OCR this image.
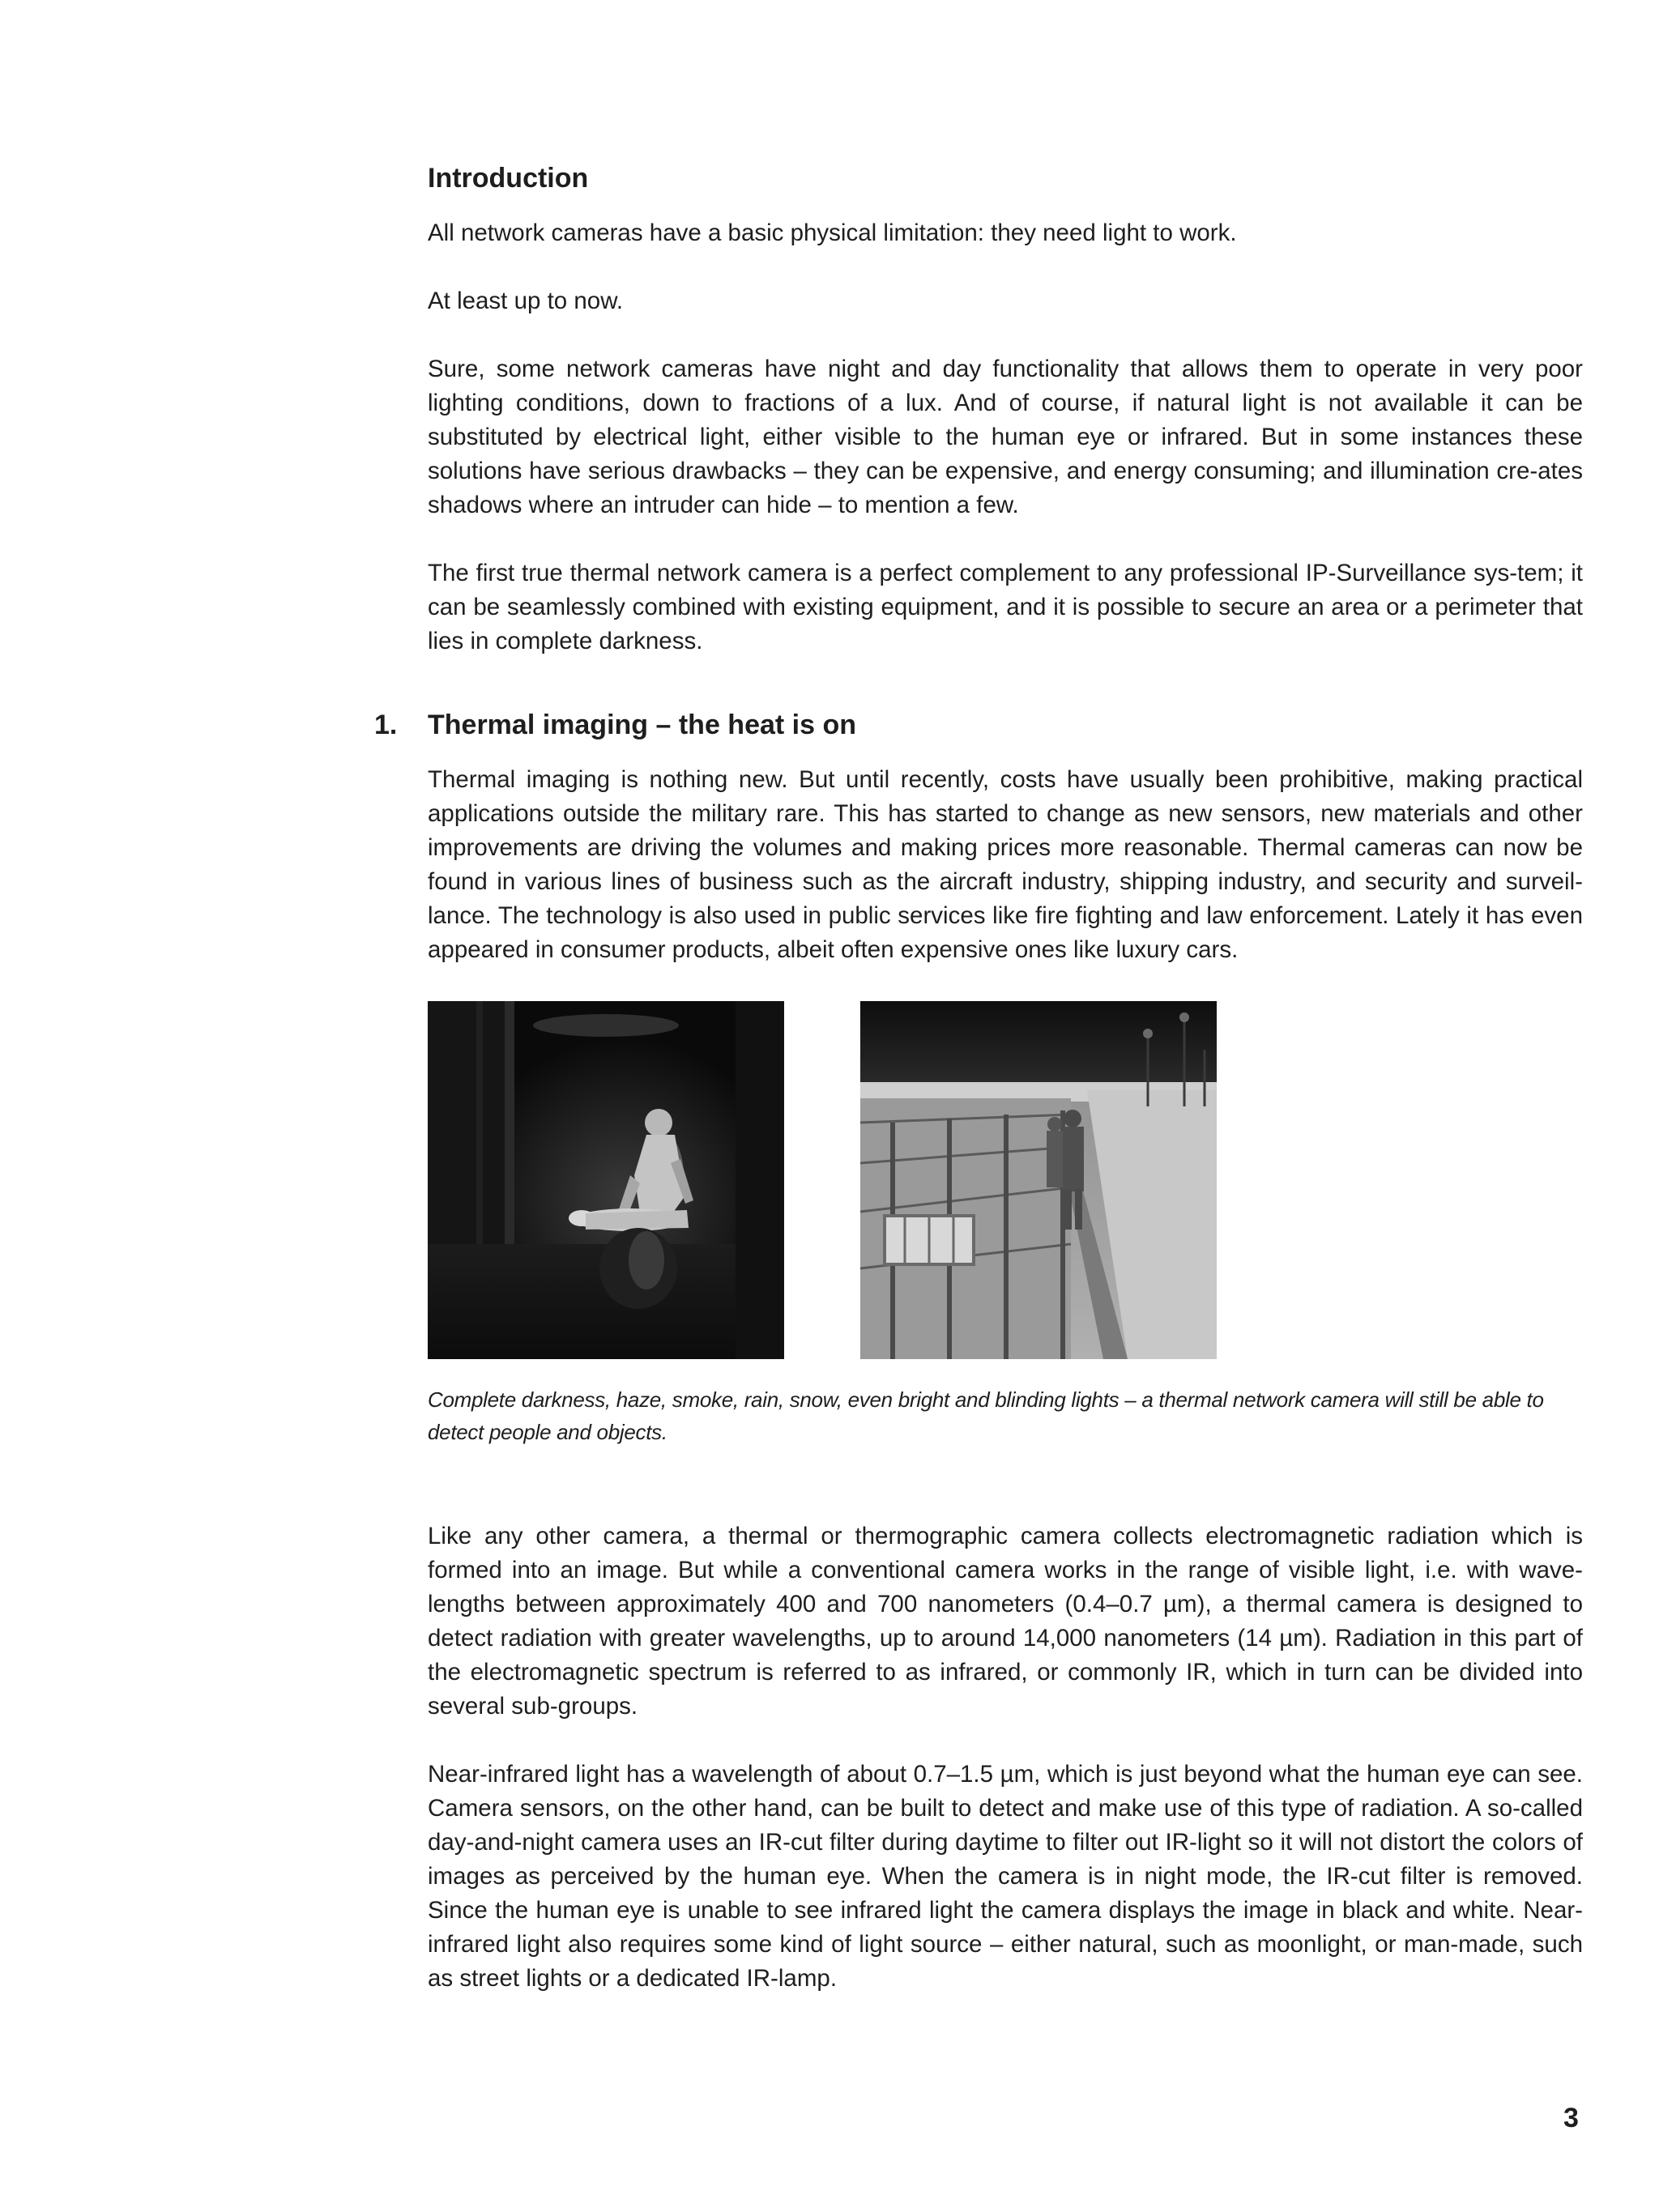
Introduction

All network cameras have a basic physical limitation: they need light to work.

At least up to now.

Sure, some network cameras have night and day functionality that allows them to operate in very poor lighting conditions, down to fractions of a lux. And of course, if natural light is not available it can be substituted by electrical light, either visible to the human eye or infrared. But in some instances these solutions have serious drawbacks – they can be expensive, and energy consuming; and illumination cre-ates shadows where an intruder can hide – to mention a few.

The first true thermal network camera is a perfect complement to any professional IP-Surveillance sys-tem; it can be seamlessly combined with existing equipment, and it is possible to secure an area or a perimeter that lies in complete darkness.

1. Thermal imaging – the heat is on

Thermal imaging is nothing new. But until recently, costs have usually been prohibitive, making practical applications outside the military rare. This has started to change as new sensors, new materials and other improvements are driving the volumes and making prices more reasonable. Thermal cameras can now be found in various lines of business such as the aircraft industry, shipping industry, and security and surveil-lance. The technology is also used in public services like fire fighting and law enforcement. Lately it has even appeared in consumer products, albeit often expensive ones like luxury cars.

Complete darkness, haze, smoke, rain, snow, even bright and blinding lights – a thermal network camera will still be able to detect people and objects.

Like any other camera, a thermal or thermographic camera collects electromagnetic radiation which is formed into an image. But while a conventional camera works in the range of visible light, i.e. with wave-lengths between approximately 400 and 700 nanometers (0.4–0.7 µm), a thermal camera is designed to detect radiation with greater wavelengths, up to around 14,000 nanometers (14 µm). Radiation in this part of the electromagnetic spectrum is referred to as infrared, or commonly IR, which in turn can be divided into several sub-groups.

Near-infrared light has a wavelength of about 0.7–1.5 µm, which is just beyond what the human eye can see. Camera sensors, on the other hand, can be built to detect and make use of this type of radiation. A so-called day-and-night camera uses an IR-cut filter during daytime to filter out IR-light so it will not distort the colors of images as perceived by the human eye. When the camera is in night mode, the IR-cut filter is removed. Since the human eye is unable to see infrared light the camera displays the image in black and white. Near-infrared light also requires some kind of light source – either natural, such as moonlight, or man-made, such as street lights or a dedicated IR-lamp.

3
